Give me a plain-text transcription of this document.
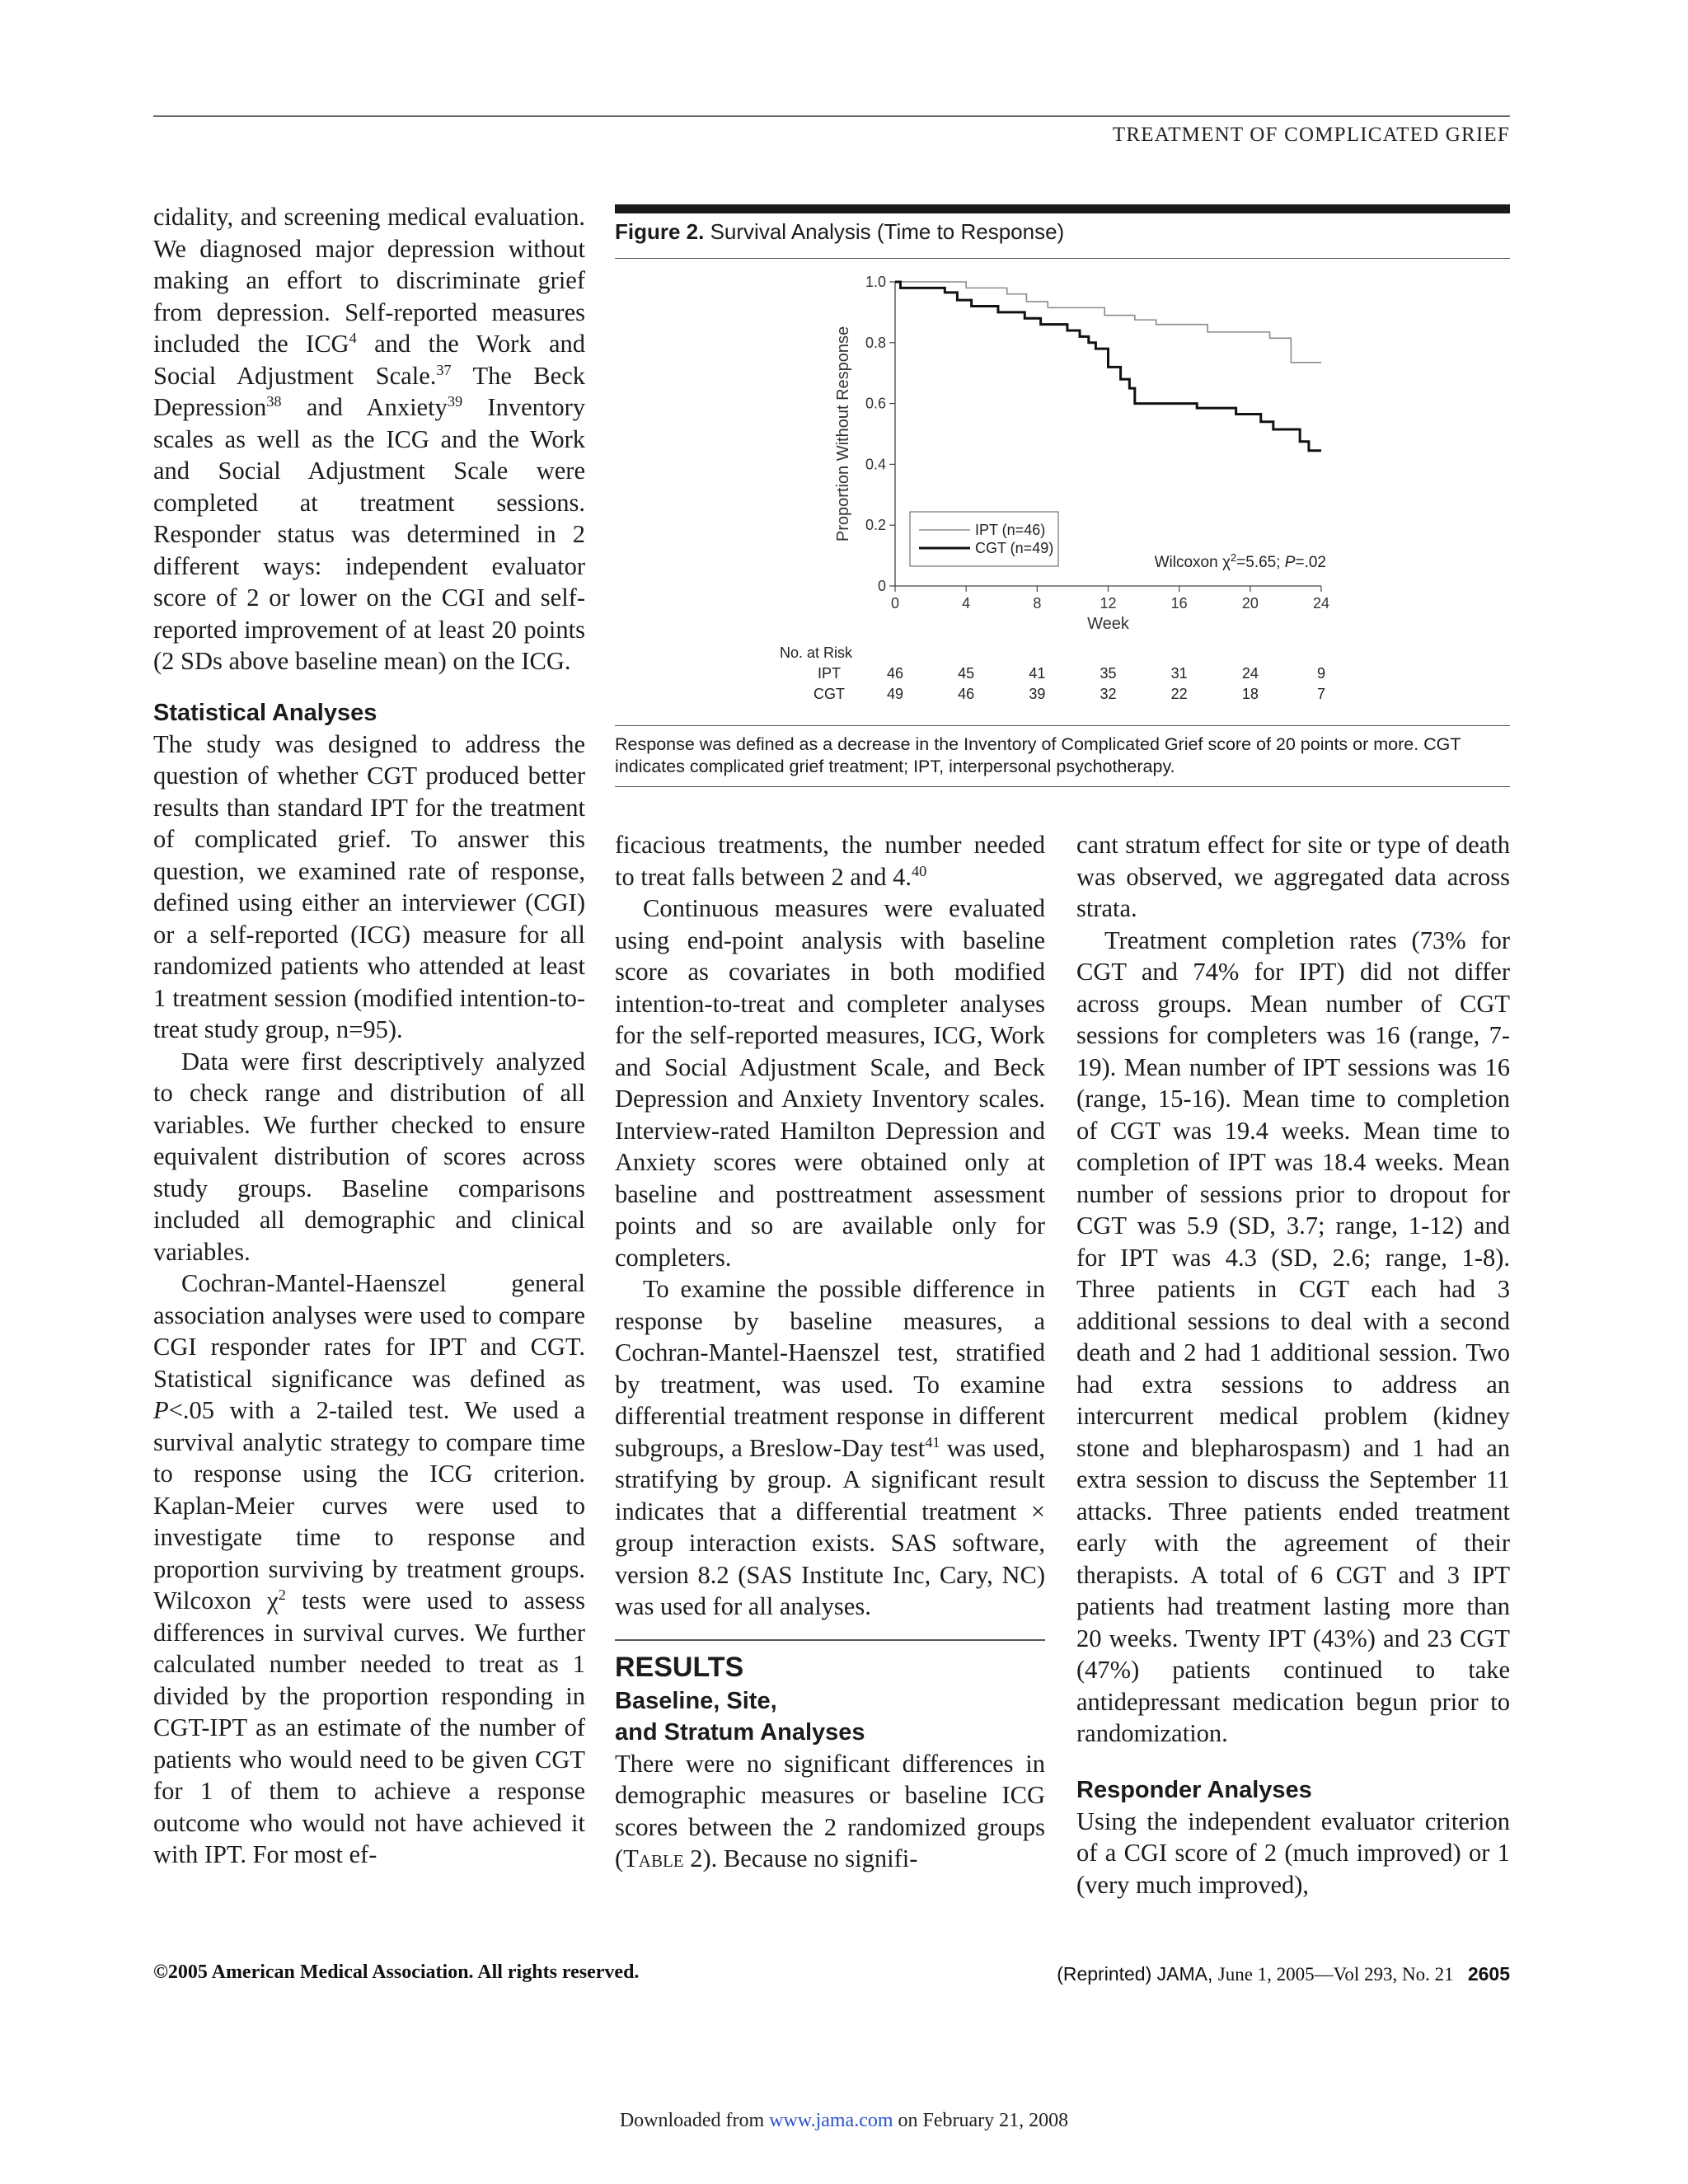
TREATMENT OF COMPLICATED GRIEF

cidality, and screening medical evaluation. We diagnosed major depression without making an effort to discriminate grief from depression. Self-reported measures included the ICG$^4$ and the Work and Social Adjustment Scale.$^{37}$ The Beck Depression$^{38}$ and Anxiety$^{39}$ Inventory scales as well as the ICG and the Work and Social Adjustment Scale were completed at treatment sessions. Responder status was determined in 2 different ways: independent evaluator score of 2 or lower on the CGI and self-reported improvement of at least 20 points (2 SDs above baseline mean) on the ICG.

Statistical Analyses

The study was designed to address the question of whether CGT produced better results than standard IPT for the treatment of complicated grief. To answer this question, we examined rate of response, defined using either an interviewer (CGI) or a self-reported (ICG) measure for all randomized patients who attended at least 1 treatment session (modified intention-to-treat study group, n=95).

Data were first descriptively analyzed to check range and distribution of all variables. We further checked to ensure equivalent distribution of scores across study groups. Baseline comparisons included all demographic and clinical variables.

Cochran-Mantel-Haenszel general association analyses were used to compare CGI responder rates for IPT and CGT. Statistical significance was defined as P<.05 with a 2-tailed test. We used a survival analytic strategy to compare time to response using the ICG criterion. Kaplan-Meier curves were used to investigate time to response and proportion surviving by treatment groups. Wilcoxon $\chi^2$ tests were used to assess differences in survival curves. We further calculated number needed to treat as 1 divided by the proportion responding in CGT-IPT as an estimate of the number of patients who would need to be given CGT for 1 of them to achieve a response outcome who would not have achieved it with IPT. For most ef-

Figure 2. Survival Analysis (Time to Response)
0
0.2
0.4
0.6
0.8
1.0
0	4	8	12	16	20	24
Week
Proportion Without Response	IPT (n=46)
CGT (n=49)
Wilcoxon $\chi^2=5.65$; P=.02
No. at Risk
IPT	46	45	41	35	31	24	9
CGT	49	46	39	32	22	18	7
Response was defined as a decrease in the Inventory of Complicated Grief score of 20 points or more. CGT indicates complicated grief treatment; IPT, interpersonal psychotherapy.

ficacious treatments, the number needed to treat falls between 2 and 4.40

Continuous measures were evaluated using end-point analysis with baseline score as covariates in both modified intention-to-treat and completer analyses for the self-reported measures, ICG, Work and Social Adjustment Scale, and Beck Depression and Anxiety Inventory scales. Interview-rated Hamilton Depression and Anxiety scores were obtained only at baseline and posttreatment assessment points and so are available only for completers.

To examine the possible difference in response by baseline measures, a Cochran-Mantel-Haenszel test, stratified by treatment, was used. To examine differential treatment response in different subgroups, a Breslow-Day test$^{41}$ was used, stratifying by group. A significant result indicates that a differential treatment × group interaction exists. SAS software, version 8.2 (SAS Institute Inc, Cary, NC) was used for all analyses.

RESULTS
Baseline, Site,
and Stratum Analyses

There were no significant differences in demographic measures or baseline ICG scores between the 2 randomized groups (Table 2). Because no signifi-

cant stratum effect for site or type of death was observed, we aggregated data across strata.

Treatment completion rates (73% for CGT and 74% for IPT) did not differ across groups. Mean number of CGT sessions for completers was 16 (range, 7-19). Mean number of IPT sessions was 16 (range, 15-16). Mean time to completion of CGT was 19.4 weeks. Mean time to completion of IPT was 18.4 weeks. Mean number of sessions prior to dropout for CGT was 5.9 (SD, 3.7; range, 1-12) and for IPT was 4.3 (SD, 2.6; range, 1-8). Three patients in CGT each had 3 additional sessions to deal with a second death and 2 had 1 additional session. Two had extra sessions to address an intercurrent medical problem (kidney stone and blepharospasm) and 1 had an extra session to discuss the September 11 attacks. Three patients ended treatment early with the agreement of their therapists. A total of 6 CGT and 3 IPT patients had treatment lasting more than 20 weeks. Twenty IPT (43%) and 23 CGT (47%) patients continued to take antidepressant medication begun prior to randomization.

Responder Analyses

Using the independent evaluator criterion of a CGI score of 2 (much improved) or 1 (very much improved),

©2005 American Medical Association. All rights reserved.	(Reprinted) JAMA, June 1, 2005—Vol 293, No. 21 2605
Downloaded from www.jama.com on February 21, 2008
